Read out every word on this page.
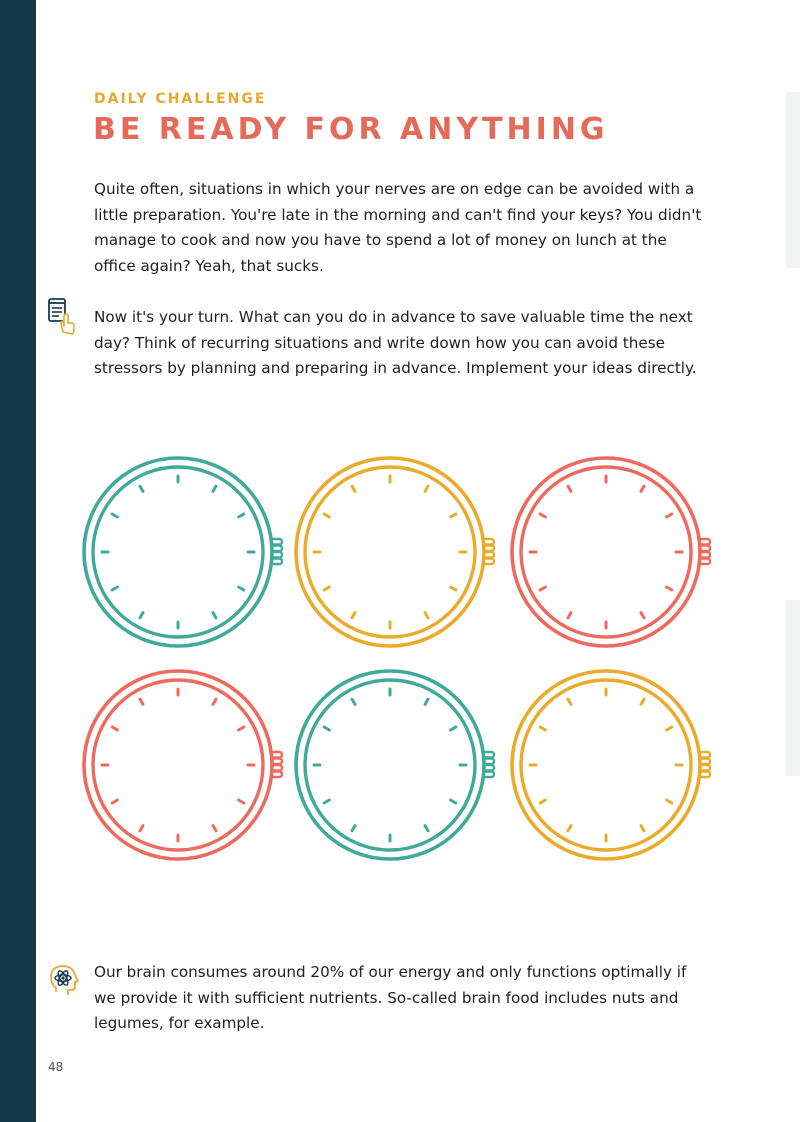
DAILY CHALLENGE
BE READY FOR ANYTHING
Quite often, situations in which your nerves are on edge can be avoided with a little preparation. You're late in the morning and can't find your keys? You didn't manage to cook and now you have to spend a lot of money on lunch at the office again? Yeah, that sucks.
Now it's your turn. What can you do in advance to save valuable time the next day? Think of recurring situations and write down how you can avoid these stressors by planning and preparing in advance. Implement your ideas directly.
Our brain consumes around 20% of our energy and only functions optimally if we provide it with sufficient nutrients. So-called brain food includes nuts and legumes, for example.
48
